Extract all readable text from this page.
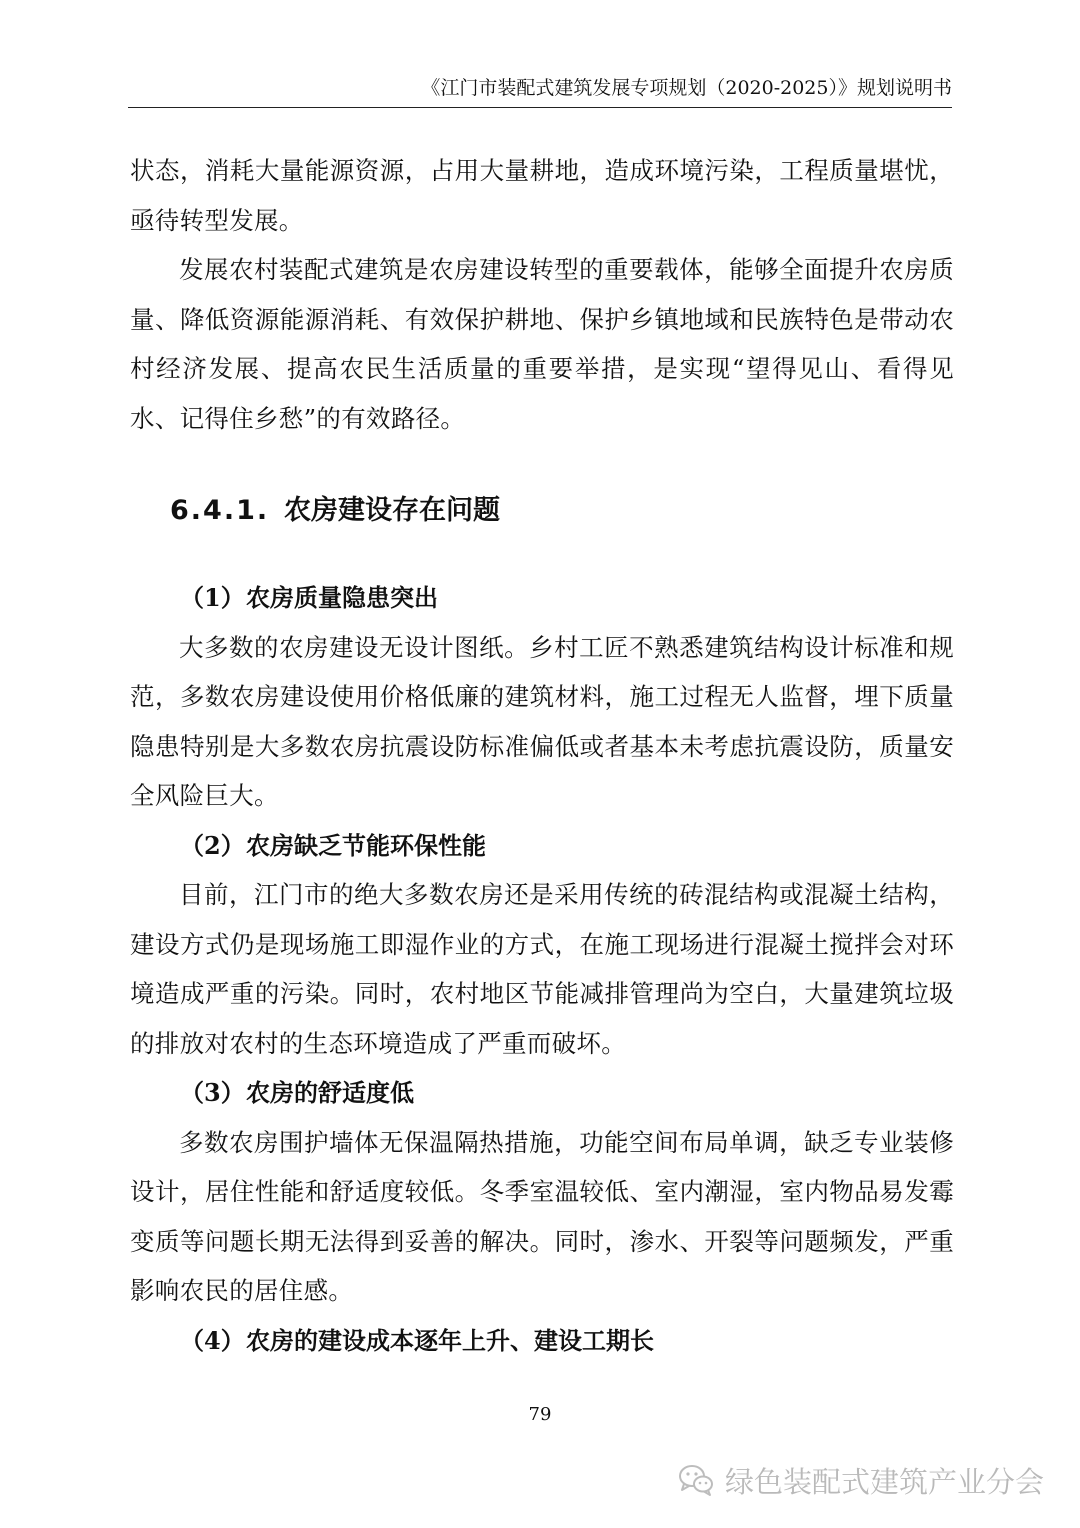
《江门市装配式建筑发展专项规划（2020-2025）》规划说明书

状态，消耗大量能源资源，占用大量耕地，造成环境污染，工程质量堪忧，亟待转型发展。

发展农村装配式建筑是农房建设转型的重要载体，能够全面提升农房质量、降低资源能源消耗、有效保护耕地、保护乡镇地域和民族特色是带动农村经济发展、提高农民生活质量的重要举措，是实现“望得见山、看得见水、记得住乡愁”的有效路径。

6.4.1. 农房建设存在问题
（1）农房质量隐患突出

大多数的农房建设无设计图纸。乡村工匠不熟悉建筑结构设计标准和规范，多数农房建设使用价格低廉的建筑材料，施工过程无人监督，埋下质量隐患特别是大多数农房抗震设防标准偏低或者基本未考虑抗震设防，质量安全风险巨大。

（2）农房缺乏节能环保性能

目前，江门市的绝大多数农房还是采用传统的砖混结构或混凝土结构，建设方式仍是现场施工即湿作业的方式，在施工现场进行混凝土搅拌会对环境造成严重的污染。同时，农村地区节能减排管理尚为空白，大量建筑垃圾的排放对农村的生态环境造成了严重而破坏。

（3）农房的舒适度低

多数农房围护墙体无保温隔热措施，功能空间布局单调，缺乏专业装修设计，居住性能和舒适度较低。冬季室温较低、室内潮湿，室内物品易发霉变质等问题长期无法得到妥善的解决。同时，渗水、开裂等问题频发，严重影响农民的居住感。

（4）农房的建设成本逐年上升、建设工期长
79
绿色装配式建筑产业分会
